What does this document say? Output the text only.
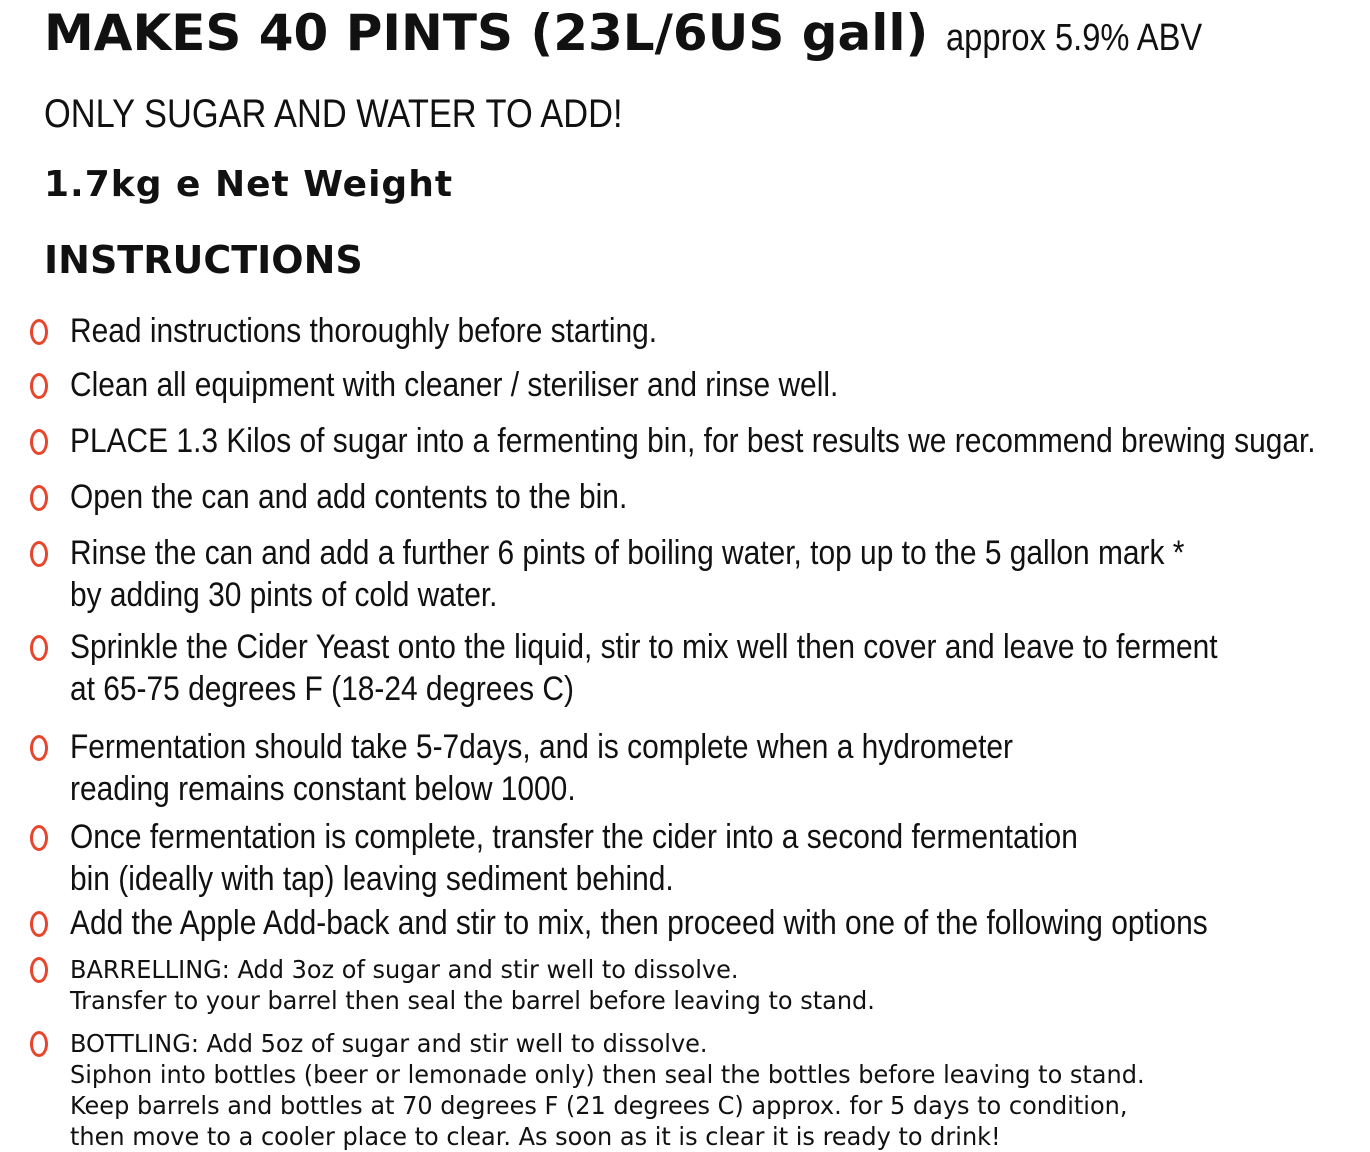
MAKES 40 PINTS (23L/6US gall) approx 5.9% ABV
ONLY SUGAR AND WATER TO ADD!
1.7kg e Net Weight
INSTRUCTIONS
Read instructions thoroughly before starting.
Clean all equipment with cleaner / steriliser and rinse well.
PLACE 1.3 Kilos of sugar into a fermenting bin, for best results we recommend brewing sugar.
Open the can and add contents to the bin.
Rinse the can and add a further 6 pints of boiling water, top up to the 5 gallon mark *
by adding 30 pints of cold water.
Sprinkle the Cider Yeast onto the liquid, stir to mix well then cover and leave to ferment
at 65-75 degrees F (18-24 degrees C)
Fermentation should take 5-7days, and is complete when a hydrometer
reading remains constant below 1000.
Once fermentation is complete, transfer the cider into a second fermentation
bin (ideally with tap) leaving sediment behind.
Add the Apple Add-back and stir to mix, then proceed with one of the following options
BARRELLING: Add 3oz of sugar and stir well to dissolve.
Transfer to your barrel then seal the barrel before leaving to stand.
BOTTLING: Add 5oz of sugar and stir well to dissolve.
Siphon into bottles (beer or lemonade only) then seal the bottles before leaving to stand.
Keep barrels and bottles at 70 degrees F (21 degrees C) approx. for 5 days to condition,
then move to a cooler place to clear. As soon as it is clear it is ready to drink!
